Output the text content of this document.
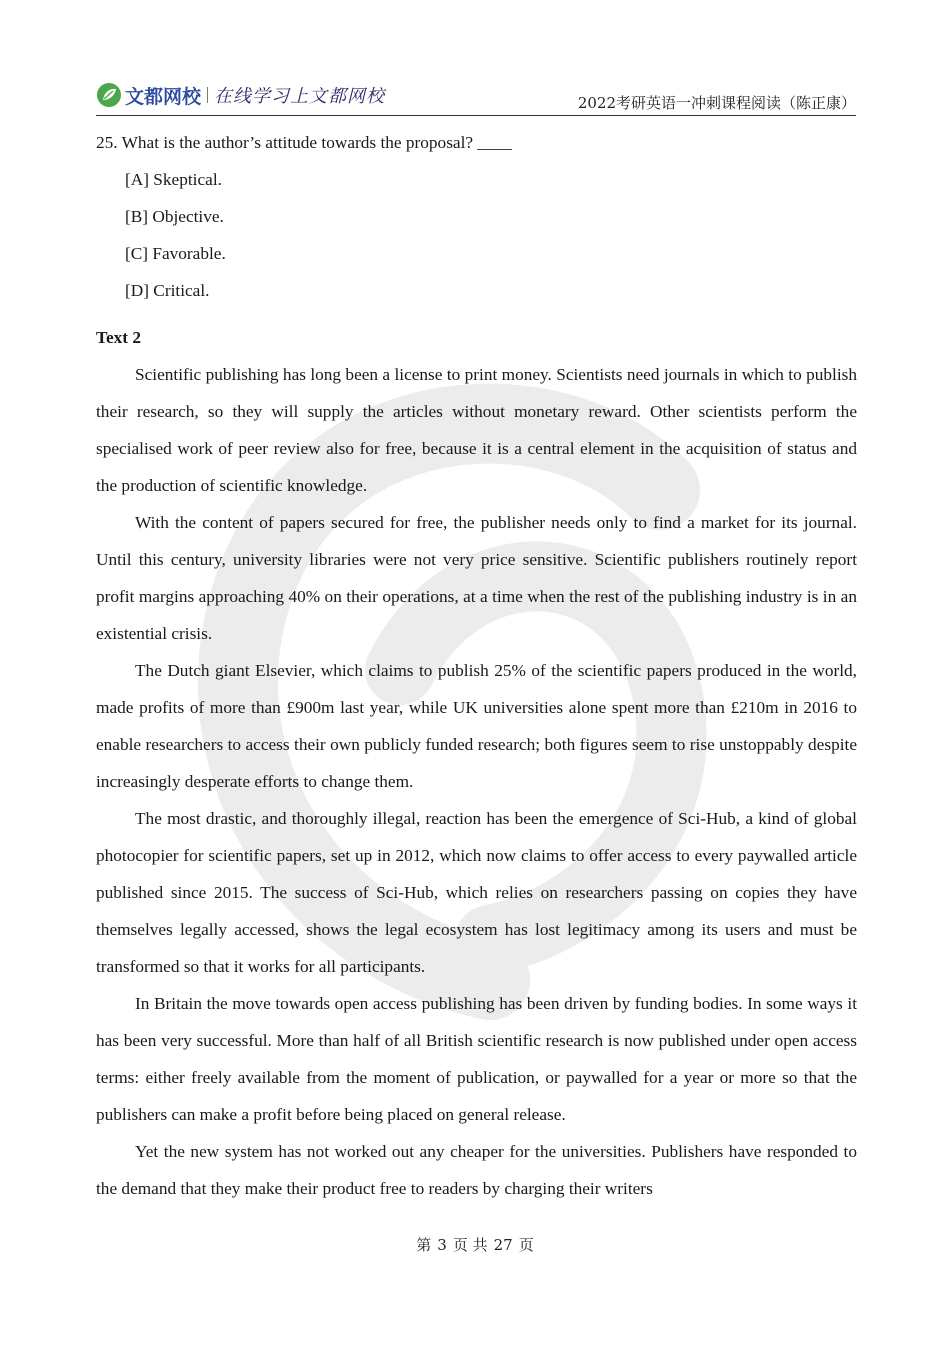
文都网校 在线学习上文都网校	2022考研英语一冲刺课程阅读（陈正康）

25. What is the author’s attitude towards the proposal? ____

[A] Skeptical.

[B] Objective.

[C] Favorable.

[D] Critical.

Text 2

Scientific publishing has long been a license to print money. Scientists need journals in which to publish their research, so they will supply the articles without monetary reward. Other scientists perform the specialised work of peer review also for free, because it is a central element in the acquisition of status and the production of scientific knowledge.

With the content of papers secured for free, the publisher needs only to find a market for its journal. Until this century, university libraries were not very price sensitive. Scientific publishers routinely report profit margins approaching 40% on their operations, at a time when the rest of the publishing industry is in an existential crisis.

The Dutch giant Elsevier, which claims to publish 25% of the scientific papers produced in the world, made profits of more than £900m last year, while UK universities alone spent more than £210m in 2016 to enable researchers to access their own publicly funded research; both figures seem to rise unstoppably despite increasingly desperate efforts to change them.

The most drastic, and thoroughly illegal, reaction has been the emergence of Sci-Hub, a kind of global photocopier for scientific papers, set up in 2012, which now claims to offer access to every paywalled article published since 2015. The success of Sci-Hub, which relies on researchers passing on copies they have themselves legally accessed, shows the legal ecosystem has lost legitimacy among its users and must be transformed so that it works for all participants.

In Britain the move towards open access publishing has been driven by funding bodies. In some ways it has been very successful. More than half of all British scientific research is now published under open access terms: either freely available from the moment of publication, or paywalled for a year or more so that the publishers can make a profit before being placed on general release.

Yet the new system has not worked out any cheaper for the universities. Publishers have responded to the demand that they make their product free to readers by charging their writers

第 3 页 共 27 页
